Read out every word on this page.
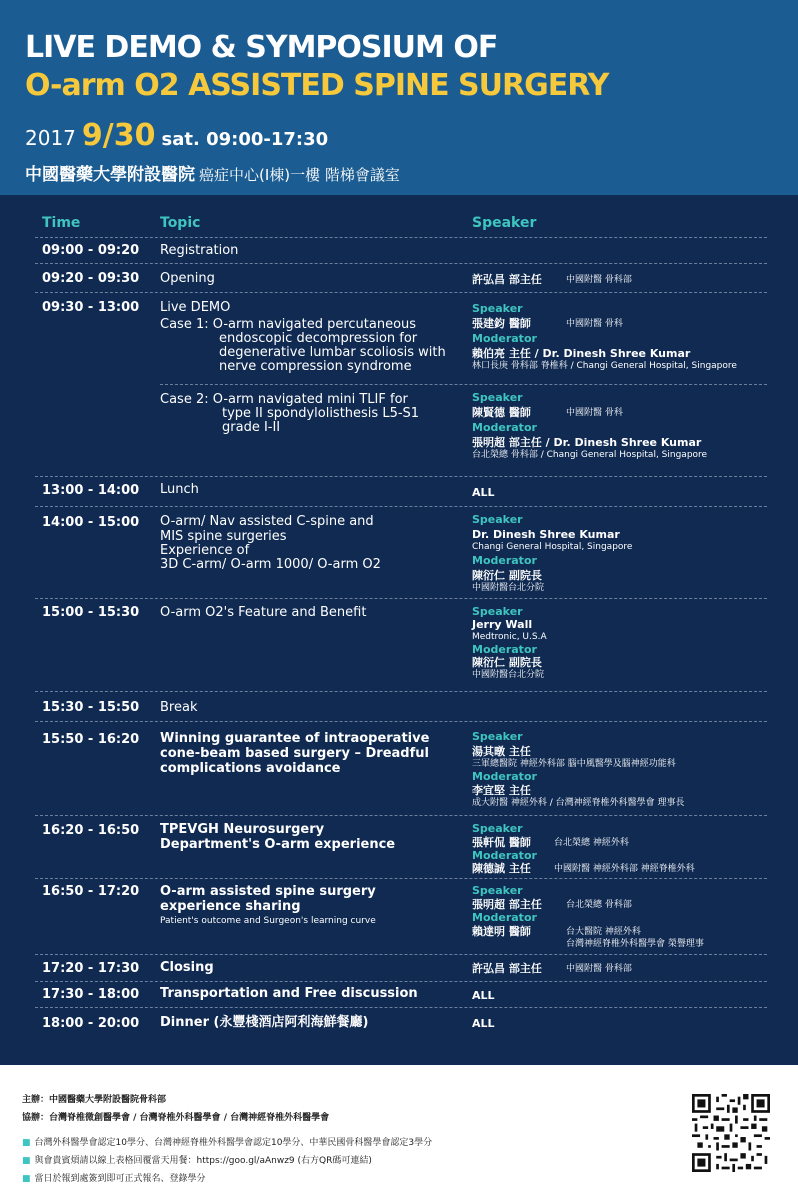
LIVE DEMO & SYMPOSIUM OF
O-arm O2 ASSISTED SPINE SURGERY
2017 9/30 sat. 09:00-17:30
中國醫藥大學附設醫院 癌症中心(I棟)一樓 階梯會議室
Time	Topic	Speaker
09:00 - 09:20 Registration
09:20 - 09:30 Opening	許弘昌 部主任	中國附醫 骨科部
09:30 - 13:00 Live DEMO
Case 1: O-arm navigated percutaneous
endoscopic decompression for
degenerative lumbar scoliosis with
nerve compression syndrome
Speaker
張建鈞 醫師	中國附醫 骨科
Moderator
賴伯亮 主任 / Dr. Dinesh Shree Kumar
林口長庚 骨科部 脊椎科 / Changi General Hospital, Singapore
Case 2: O-arm navigated mini TLIF for
type II spondylolisthesis L5-S1
grade I-II
Speaker
陳賢德 醫師	中國附醫 骨科
Moderator
張明超 部主任 / Dr. Dinesh Shree Kumar
台北榮總 骨科部 / Changi General Hospital, Singapore
13:00 - 14:00 Lunch	ALL
14:00 - 15:00 O-arm/ Nav assisted C-spine and
MIS spine surgeries
Experience of
3D C-arm/ O-arm 1000/ O-arm O2
Speaker
Dr. Dinesh Shree Kumar
Changi General Hospital, Singapore
Moderator
陳衍仁 副院長
中國附醫台北分院
15:00 - 15:30 O-arm O2's Feature and Benefit	Speaker
Jerry Wall
Medtronic, U.S.A
Moderator
陳衍仁 副院長
中國附醫台北分院
15:30 - 15:50 Break
15:50 - 16:20 Winning guarantee of intraoperative
cone-beam based surgery – Dreadful
complications avoidance
Speaker
湯其暾 主任
三軍總醫院 神經外科部 腦中風醫學及腦神經功能科
Moderator
李宜堅 主任
成大附醫 神經外科 / 台灣神經脊椎外科醫學會 理事長
16:20 - 16:50 TPEVGH Neurosurgery
Department's O-arm experience
Speaker
張軒侃 醫師	台北榮總 神經外科
Moderator
陳德誠 主任	中國附醫 神經外科部 神經脊椎外科
16:50 - 17:20 O-arm assisted spine surgery
experience sharing
Patient's outcome and Surgeon's learning curve
Speaker
張明超 部主任	台北榮總 骨科部
Moderator
賴達明 醫師	台大醫院 神經外科
台灣神經脊椎外科醫學會 榮譽理事
17:20 - 17:30 Closing	許弘昌 部主任	中國附醫 骨科部
17:30 - 18:00 Transportation and Free discussion	ALL
18:00 - 20:00 Dinner (永豐棧酒店阿利海鮮餐廳)	ALL
主辦：中國醫藥大學附設醫院骨科部
協辦：台灣脊椎微創醫學會 / 台灣脊椎外科醫學會 / 台灣神經脊椎外科醫學會
■ 台灣外科醫學會認定10學分、台灣神經脊椎外科醫學會認定10學分、中華民國骨科醫學會認定3學分
■ 與會貴賓煩請以線上表格回覆當天用餐：https://goo.gl/aAnwz9 (右方QR碼可連結)
■ 當日於報到處簽到即可正式報名、登錄學分
